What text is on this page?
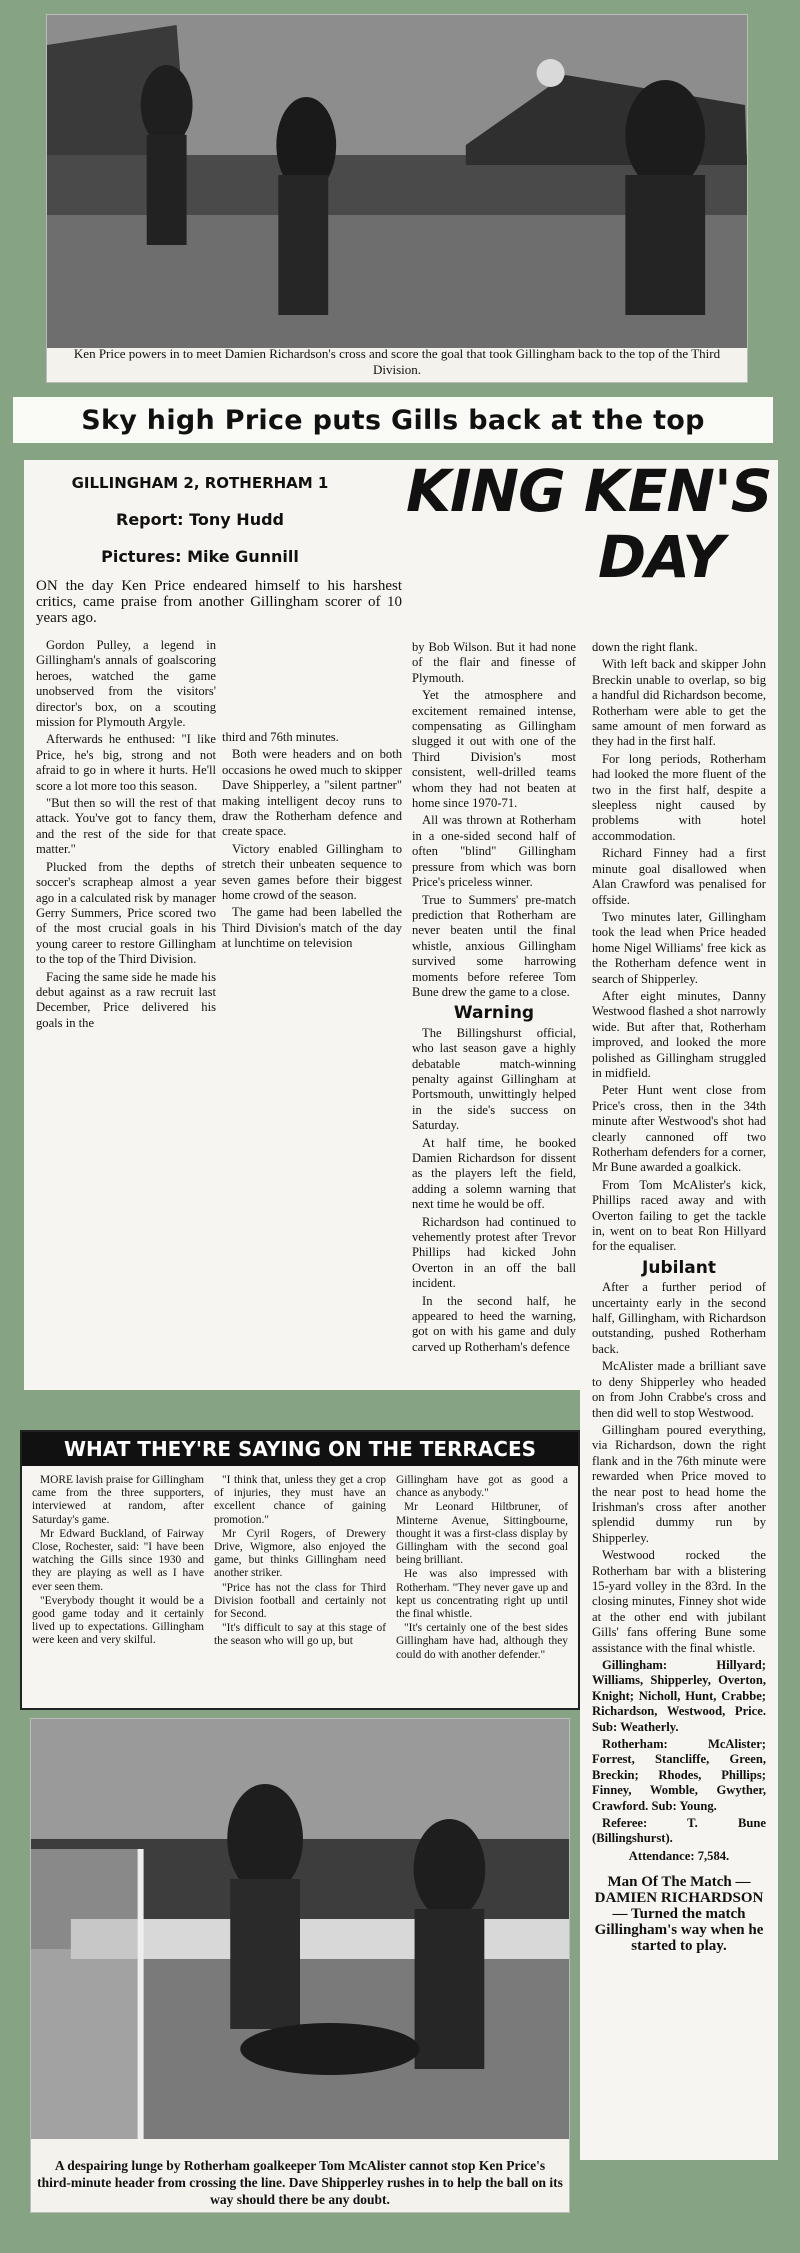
Ken Price powers in to meet Damien Richardson's cross and score the goal that took Gillingham back to the top of the Third Division.
Sky high Price puts Gills back at the top
GILLINGHAM 2, ROTHERHAM 1
Report: Tony Hudd
Pictures: Mike Gunnill
KING KEN'S
DAY

ON the day Ken Price endeared himself to his harshest critics, came praise from another Gillingham scorer of 10 years ago.

Gordon Pulley, a legend in Gillingham's annals of goalscoring heroes, watched the game unobserved from the visitors' director's box, on a scouting mission for Plymouth Argyle.

Afterwards he enthused: "I like Price, he's big, strong and not afraid to go in where it hurts. He'll score a lot more too this season.

"But then so will the rest of that attack. You've got to fancy them, and the rest of the side for that matter."

Plucked from the depths of soccer's scrapheap almost a year ago in a calculated risk by manager Gerry Summers, Price scored two of the most crucial goals in his young career to restore Gillingham to the top of the Third Division.

Facing the same side he made his debut against as a raw recruit last December, Price delivered his goals in the

third and 76th minutes.

Both were headers and on both occasions he owed much to skipper Dave Shipperley, a "silent partner" making intelligent decoy runs to draw the Rotherham defence and create space.

Victory enabled Gillingham to stretch their unbeaten sequence to seven games before their biggest home crowd of the season.

The game had been labelled the Third Division's match of the day at lunchtime on television

by Bob Wilson. But it had none of the flair and finesse of Plymouth.

Yet the atmosphere and excitement remained intense, compensating as Gillingham slugged it out with one of the Third Division's most consistent, well-drilled teams whom they had not beaten at home since 1970-71.

All was thrown at Rotherham in a one-sided second half of often "blind" Gillingham pressure from which was born Price's priceless winner.

True to Summers' pre-match prediction that Rotherham are never beaten until the final whistle, anxious Gillingham survived some harrowing moments before referee Tom Bune drew the game to a close.

Warning

The Billingshurst official, who last season gave a highly debatable match-winning penalty against Gillingham at Portsmouth, unwittingly helped in the side's success on Saturday.

At half time, he booked Damien Richardson for dissent as the players left the field, adding a solemn warning that next time he would be off.

Richardson had continued to vehemently protest after Trevor Phillips had kicked John Overton in an off the ball incident.

In the second half, he appeared to heed the warning, got on with his game and duly carved up Rotherham's defence

down the right flank.

With left back and skipper John Breckin unable to overlap, so big a handful did Richardson become, Rotherham were able to get the same amount of men forward as they had in the first half.

For long periods, Rotherham had looked the more fluent of the two in the first half, despite a sleepless night caused by problems with hotel accommodation.

Richard Finney had a first minute goal disallowed when Alan Crawford was penalised for offside.

Two minutes later, Gillingham took the lead when Price headed home Nigel Williams' free kick as the Rotherham defence went in search of Shipperley.

After eight minutes, Danny Westwood flashed a shot narrowly wide. But after that, Rotherham improved, and looked the more polished as Gillingham struggled in midfield.

Peter Hunt went close from Price's cross, then in the 34th minute after Westwood's shot had clearly cannoned off two Rotherham defenders for a corner, Mr Bune awarded a goalkick.

From Tom McAlister's kick, Phillips raced away and with Overton failing to get the tackle in, went on to beat Ron Hillyard for the equaliser.

Jubilant

After a further period of uncertainty early in the second half, Gillingham, with Richardson outstanding, pushed Rotherham back.

McAlister made a brilliant save to deny Shipperley who headed on from John Crabbe's cross and then did well to stop Westwood.

Gillingham poured everything, via Richardson, down the right flank and in the 76th minute were rewarded when Price moved to the near post to head home the Irishman's cross after another splendid dummy run by Shipperley.

Westwood rocked the Rotherham bar with a blistering 15-yard volley in the 83rd. In the closing minutes, Finney shot wide at the other end with jubilant Gills' fans offering Bune some assistance with the final whistle.

Gillingham: Hillyard; Williams, Shipperley, Overton, Knight; Nicholl, Hunt, Crabbe; Richardson, Westwood, Price. Sub: Weatherly.

Rotherham: McAlister; Forrest, Stancliffe, Green, Breckin; Rhodes, Phillips; Finney, Womble, Gwyther, Crawford. Sub: Young.

Referee: T. Bune (Billingshurst).

Attendance: 7,584.

Man Of The Match — DAMIEN RICHARDSON — Turned the match Gillingham's way when he started to play.
WHAT THEY'RE SAYING ON THE TERRACES

MORE lavish praise for Gillingham came from the three supporters, interviewed at random, after Saturday's game.

Mr Edward Buckland, of Fairway Close, Rochester, said: "I have been watching the Gills since 1930 and they are playing as well as I have ever seen them.

"Everybody thought it would be a good game today and it certainly lived up to expectations. Gillingham were keen and very skilful.

"I think that, unless they get a crop of injuries, they must have an excellent chance of gaining promotion."

Mr Cyril Rogers, of Drewery Drive, Wigmore, also enjoyed the game, but thinks Gillingham need another striker.

"Price has not the class for Third Division football and certainly not for Second.

"It's difficult to say at this stage of the season who will go up, but

Gillingham have got as good a chance as anybody."

Mr Leonard Hiltbruner, of Minterne Avenue, Sittingbourne, thought it was a first-class display by Gillingham with the second goal being brilliant.

He was also impressed with Rotherham. "They never gave up and kept us concentrating right up until the final whistle.

"It's certainly one of the best sides Gillingham have had, although they could do with another defender."

A despairing lunge by Rotherham goalkeeper Tom McAlister cannot stop Ken Price's third-minute header from crossing the line. Dave Shipperley rushes in to help the ball on its way should there be any doubt.
